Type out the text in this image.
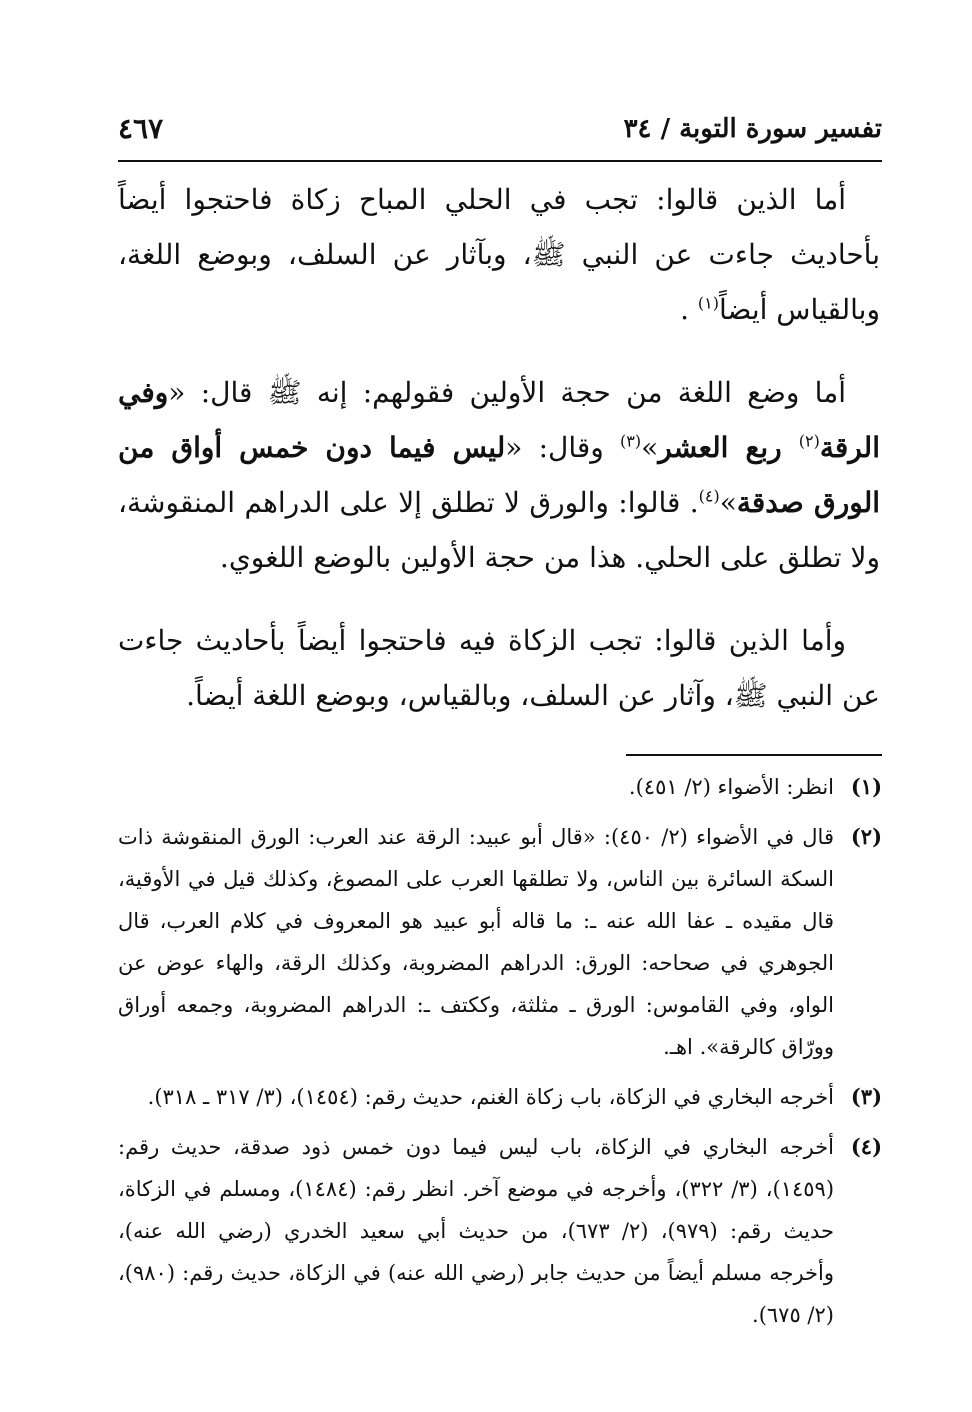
تفسير سورة التوبة / ٣٤
٤٦٧

أما الذين قالوا: تجب في الحلي المباح زكاة فاحتجوا أيضاً بأحاديث جاءت عن النبي ﷺ، وبآثار عن السلف، وبوضع اللغة، وبالقياس أيضاً$^{(١)}$ .

أما وضع اللغة من حجة الأولين فقولهم: إنه ﷺ قال: «وفي الرقة$^{(٢)}$ ربع العشر»$^{(٣)}$ وقال: «ليس فيما دون خمس أواق من الورق صدقة»$^{(٤)}$. قالوا: والورق لا تطلق إلا على الدراهم المنقوشة، ولا تطلق على الحلي. هذا من حجة الأولين بالوضع اللغوي.

وأما الذين قالوا: تجب الزكاة فيه فاحتجوا أيضاً بأحاديث جاءت عن النبي ﷺ، وآثار عن السلف، وبالقياس، وبوضع اللغة أيضاً.

(١)
انظر: الأضواء (٢/ ٤٥١).
(٢)
قال في الأضواء (٢/ ٤٥٠): «قال أبو عبيد: الرقة عند العرب: الورق المنقوشة ذات السكة السائرة بين الناس، ولا تطلقها العرب على المصوغ، وكذلك قيل في الأوقية، قال مقيده ـ عفا الله عنه ـ: ما قاله أبو عبيد هو المعروف في كلام العرب، قال الجوهري في صحاحه: الورق: الدراهم المضروبة، وكذلك الرقة، والهاء عوض عن الواو، وفي القاموس: الورق ـ مثلثة، وككتف ـ: الدراهم المضروبة، وجمعه أوراق وورّاق كالرقة». اهـ.
(٣)
أخرجه البخاري في الزكاة، باب زكاة الغنم، حديث رقم: (١٤٥٤)، (٣/ ٣١٧ ـ ٣١٨).
(٤)
أخرجه البخاري في الزكاة، باب ليس فيما دون خمس ذود صدقة، حديث رقم: (١٤٥٩)، (٣/ ٣٢٢)، وأخرجه في موضع آخر. انظر رقم: (١٤٨٤)، ومسلم في الزكاة، حديث رقم: (٩٧٩)، (٢/ ٦٧٣)، من حديث أبي سعيد الخدري (رضي الله عنه)، وأخرجه مسلم أيضاً من حديث جابر (رضي الله عنه) في الزكاة، حديث رقم: (٩٨٠)، (٢/ ٦٧٥).
